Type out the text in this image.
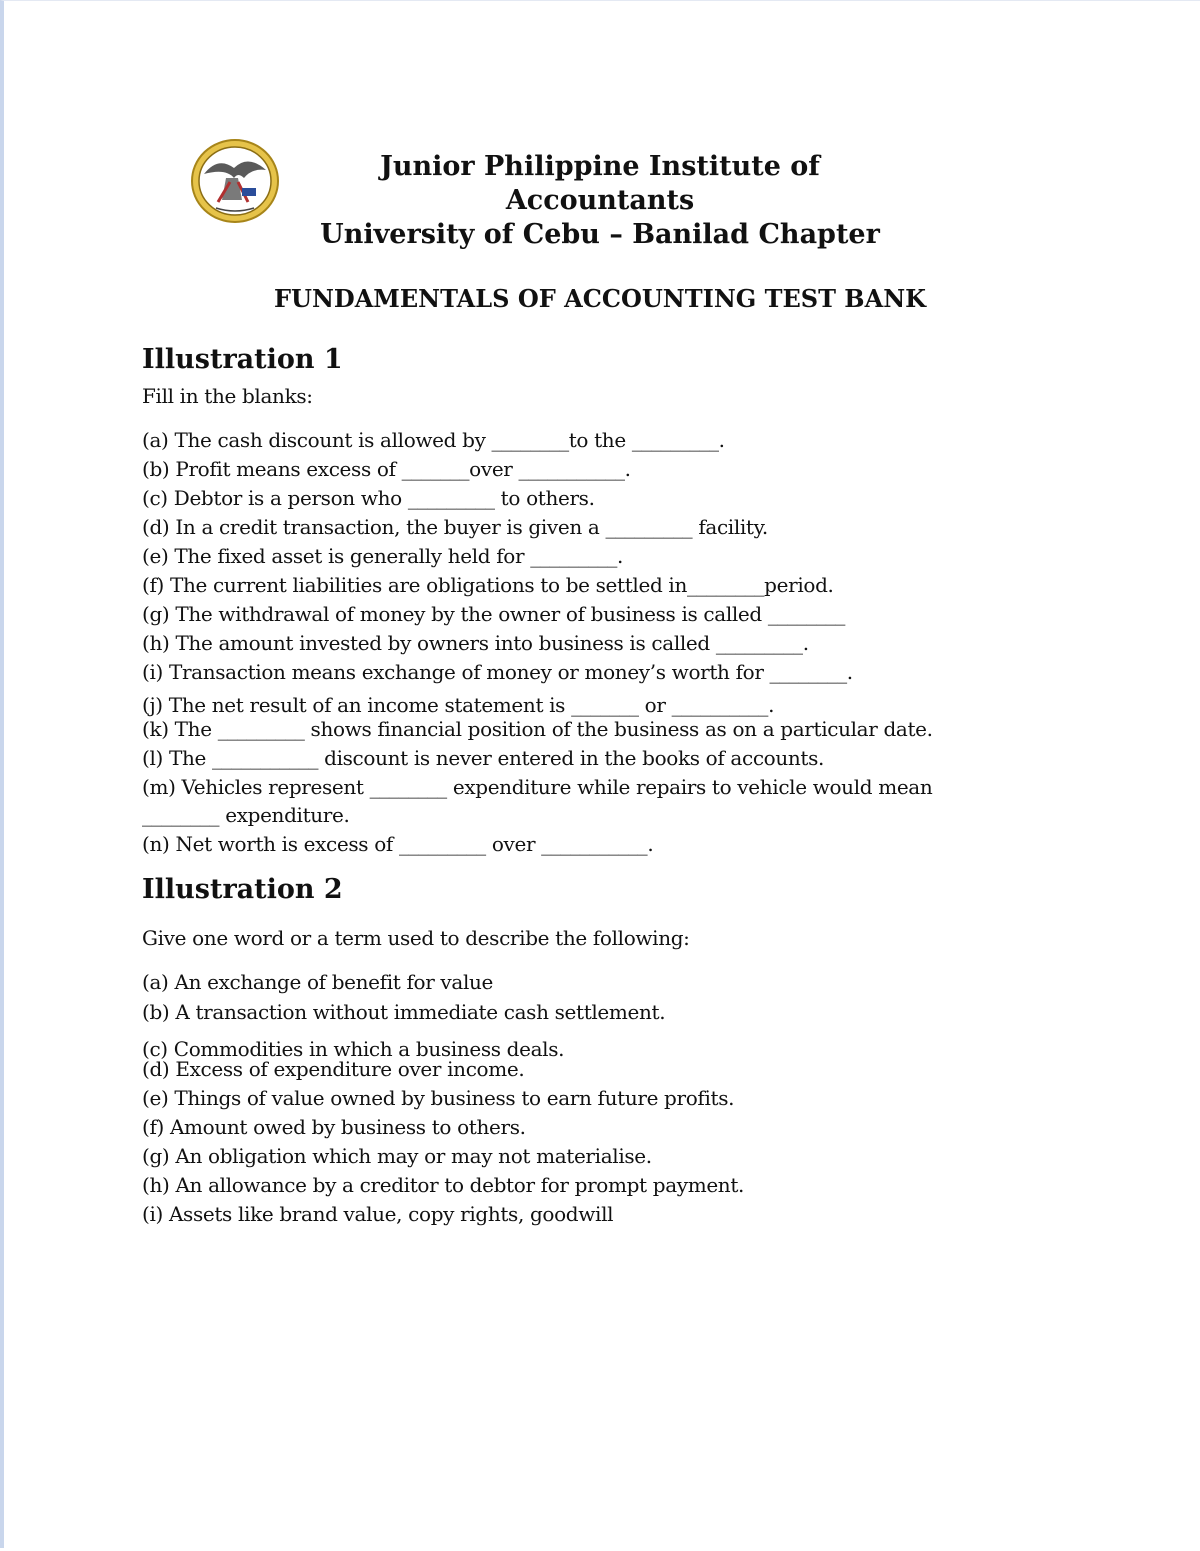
Junior Philippine Institute of Accountants
University of Cebu – Banilad Chapter
FUNDAMENTALS OF ACCOUNTING TEST BANK
Illustration 1
Fill in the blanks:
(a) The cash discount is allowed by ________to the _________.
(b) Profit means excess of _______over ___________.
(c) Debtor is a person who _________ to others.
(d) In a credit transaction, the buyer is given a _________ facility.
(e) The fixed asset is generally held for _________.
(f) The current liabilities are obligations to be settled in________period.
(g) The withdrawal of money by the owner of business is called ________
(h) The amount invested by owners into business is called _________.
(i) Transaction means exchange of money or money’s worth for ________.
(j) The net result of an income statement is _______ or __________.
(k) The _________ shows financial position of the business as on a particular date.
(l) The ___________ discount is never entered in the books of accounts.
(m) Vehicles represent ________ expenditure while repairs to vehicle would mean
________ expenditure.
(n) Net worth is excess of _________ over ___________.
Illustration 2
Give one word or a term used to describe the following:
(a) An exchange of benefit for value
(b) A transaction without immediate cash settlement.
(c) Commodities in which a business deals.
(d) Excess of expenditure over income.
(e) Things of value owned by business to earn future profits.
(f) Amount owed by business to others.
(g) An obligation which may or may not materialise.
(h) An allowance by a creditor to debtor for prompt payment.
(i) Assets like brand value, copy rights, goodwill
